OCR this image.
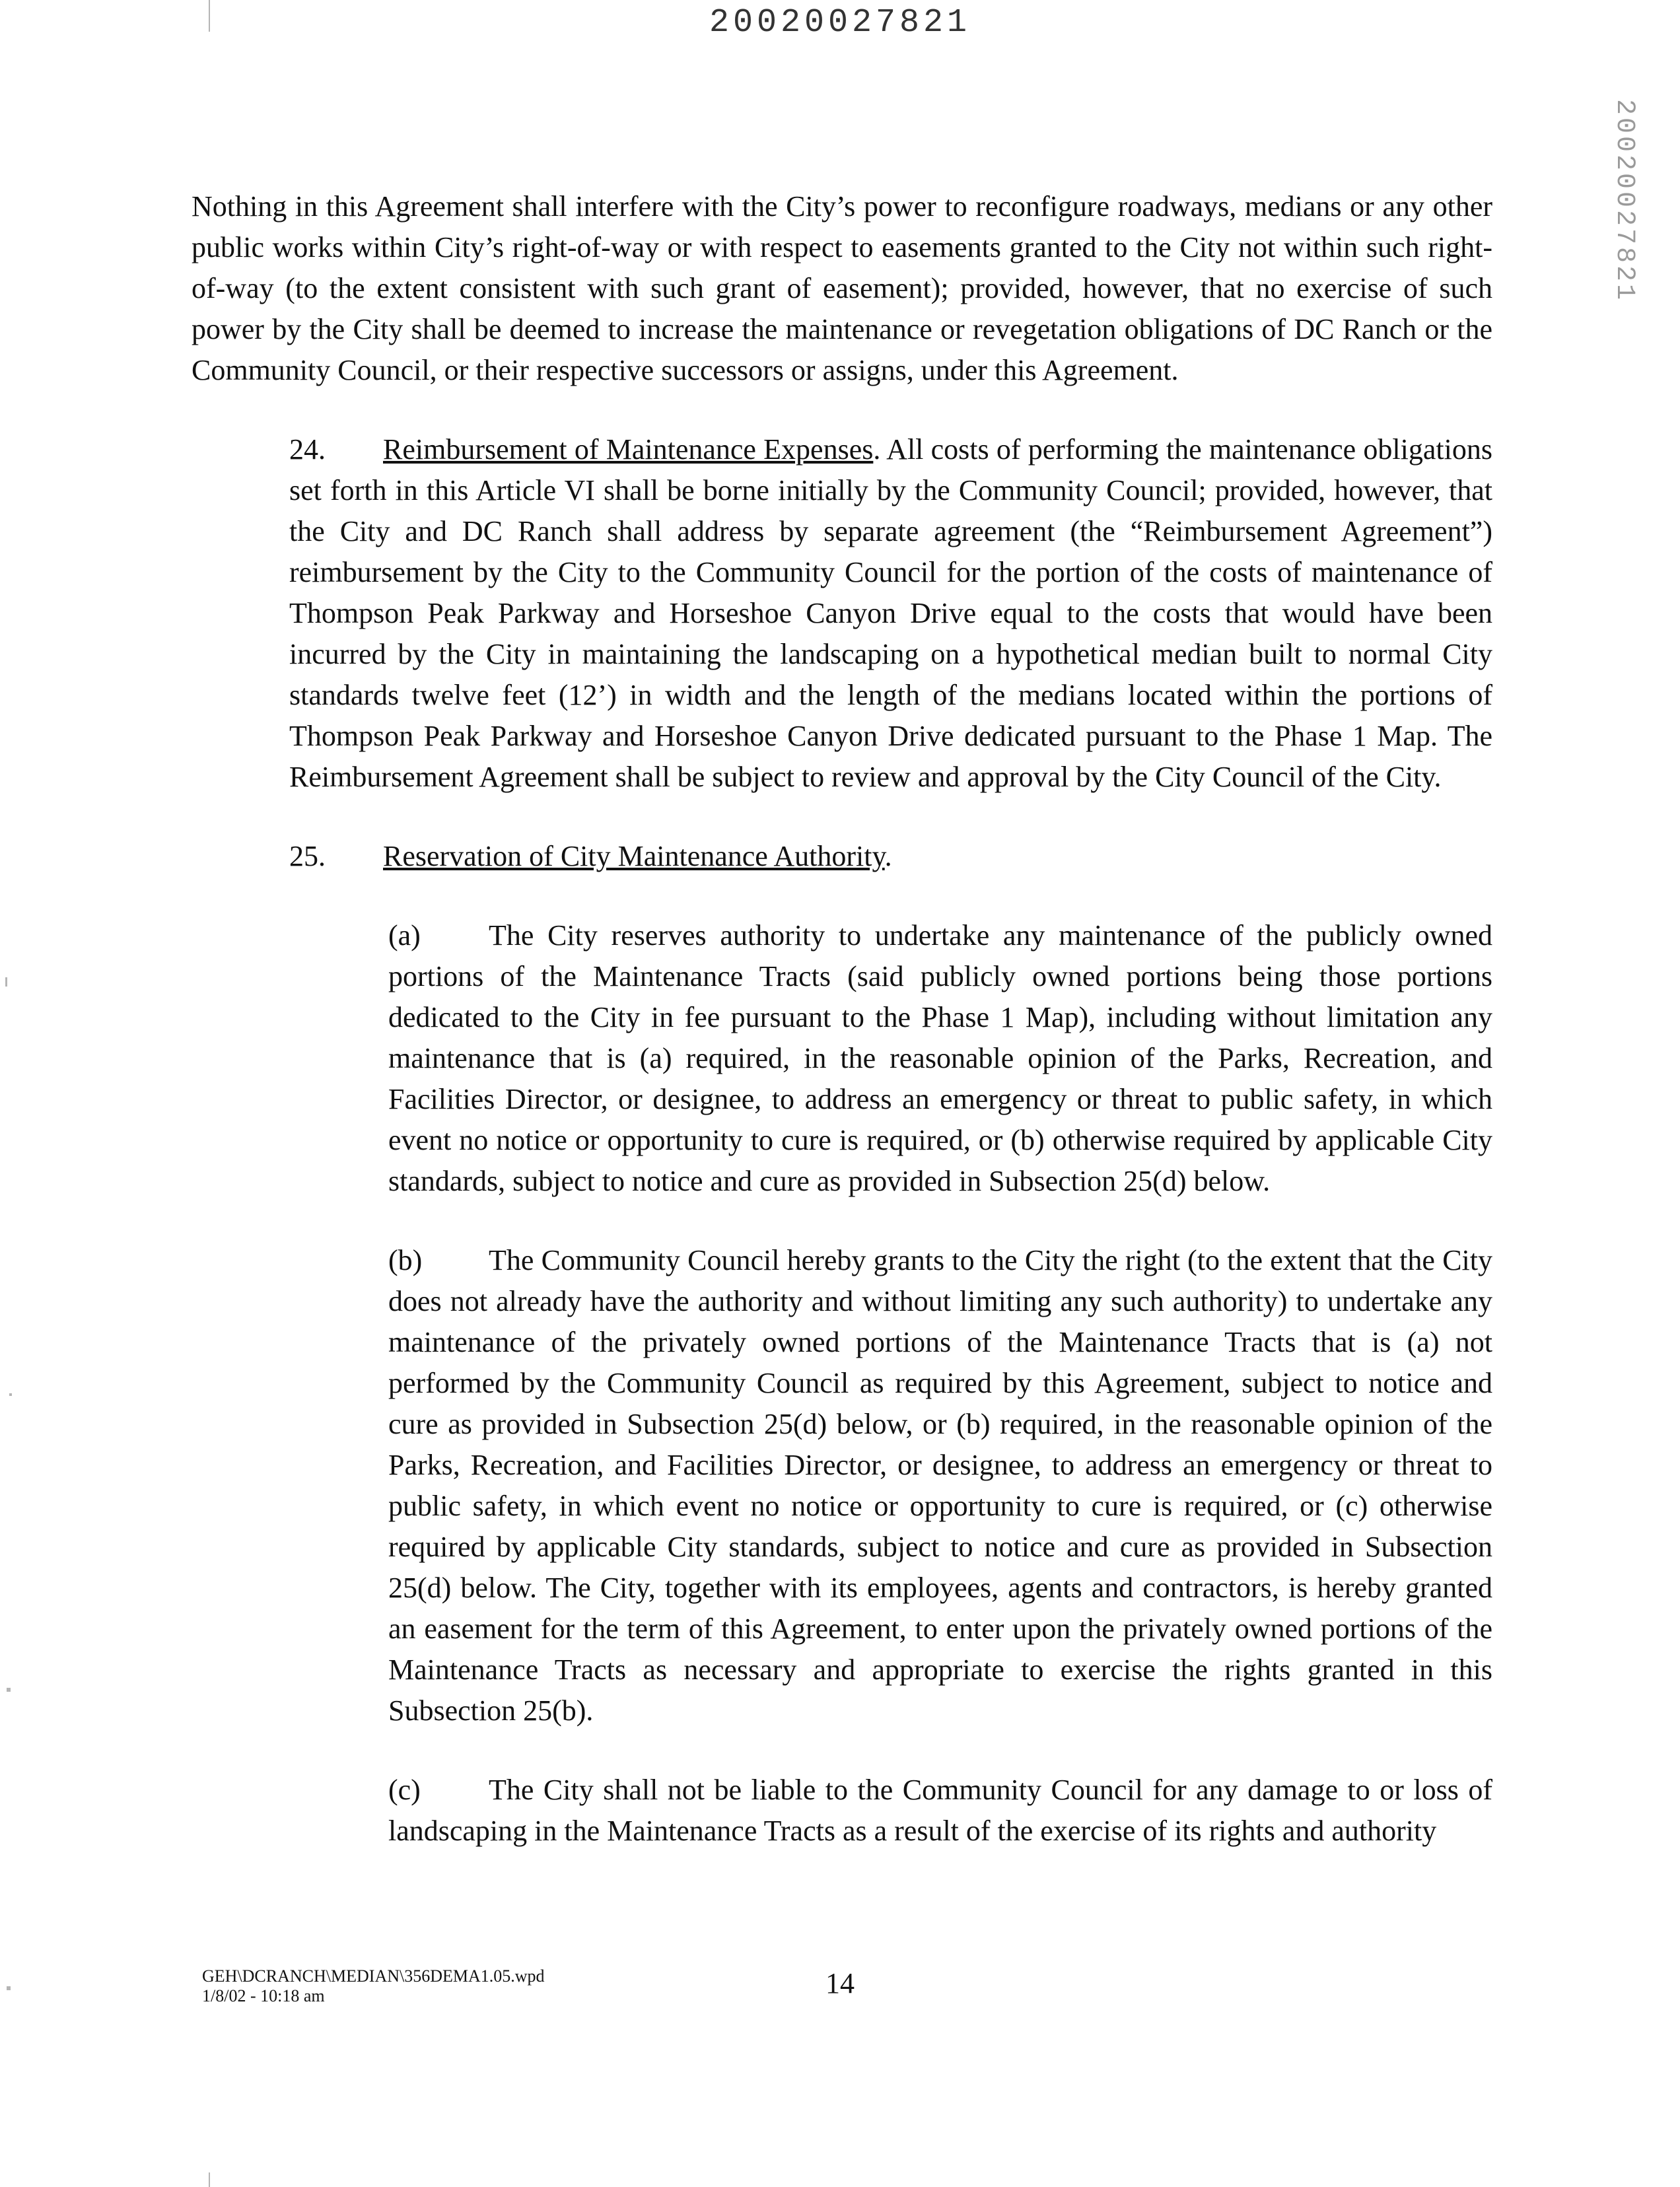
20020027821
20020027821

Nothing in this Agreement shall interfere with the City’s power to reconfigure roadways, medians or any other public works within City’s right-of-way or with respect to easements granted to the City not within such right-of-way (to the extent consistent with such grant of easement); provided, however, that no exercise of such power by the City shall be deemed to increase the maintenance or revegetation obligations of DC Ranch or the Community Council, or their respective successors or assigns, under this Agreement.

24. Reimbursement of Maintenance Expenses. All costs of performing the maintenance obligations set forth in this Article VI shall be borne initially by the Community Council; provided, however, that the City and DC Ranch shall address by separate agreement (the “Reimbursement Agreement”) reimbursement by the City to the Community Council for the portion of the costs of maintenance of Thompson Peak Parkway and Horseshoe Canyon Drive equal to the costs that would have been incurred by the City in maintaining the landscaping on a hypothetical median built to normal City standards twelve feet (12’) in width and the length of the medians located within the portions of Thompson Peak Parkway and Horseshoe Canyon Drive dedicated pursuant to the Phase 1 Map. The Reimbursement Agreement shall be subject to review and approval by the City Council of the City.

25. Reservation of City Maintenance Authority.

(a) The City reserves authority to undertake any maintenance of the publicly owned portions of the Maintenance Tracts (said publicly owned portions being those portions dedicated to the City in fee pursuant to the Phase 1 Map), including without limitation any maintenance that is (a) required, in the reasonable opinion of the Parks, Recreation, and Facilities Director, or designee, to address an emergency or threat to public safety, in which event no notice or opportunity to cure is required, or (b) otherwise required by applicable City standards, subject to notice and cure as provided in Subsection 25(d) below.

(b) The Community Council hereby grants to the City the right (to the extent that the City does not already have the authority and without limiting any such authority) to undertake any maintenance of the privately owned portions of the Maintenance Tracts that is (a) not performed by the Community Council as required by this Agreement, subject to notice and cure as provided in Subsection 25(d) below, or (b) required, in the reasonable opinion of the Parks, Recreation, and Facilities Director, or designee, to address an emergency or threat to public safety, in which event no notice or opportunity to cure is required, or (c) otherwise required by applicable City standards, subject to notice and cure as provided in Subsection 25(d) below. The City, together with its employees, agents and contractors, is hereby granted an easement for the term of this Agreement, to enter upon the privately owned portions of the Maintenance Tracts as necessary and appropriate to exercise the rights granted in this Subsection 25(b).

(c) The City shall not be liable to the Community Council for any damage to or loss of landscaping in the Maintenance Tracts as a result of the exercise of its rights and authority

GEH\DCRANCH\MEDIAN\356DEMA1.05.wpd
1/8/02 - 10:18 am	14
